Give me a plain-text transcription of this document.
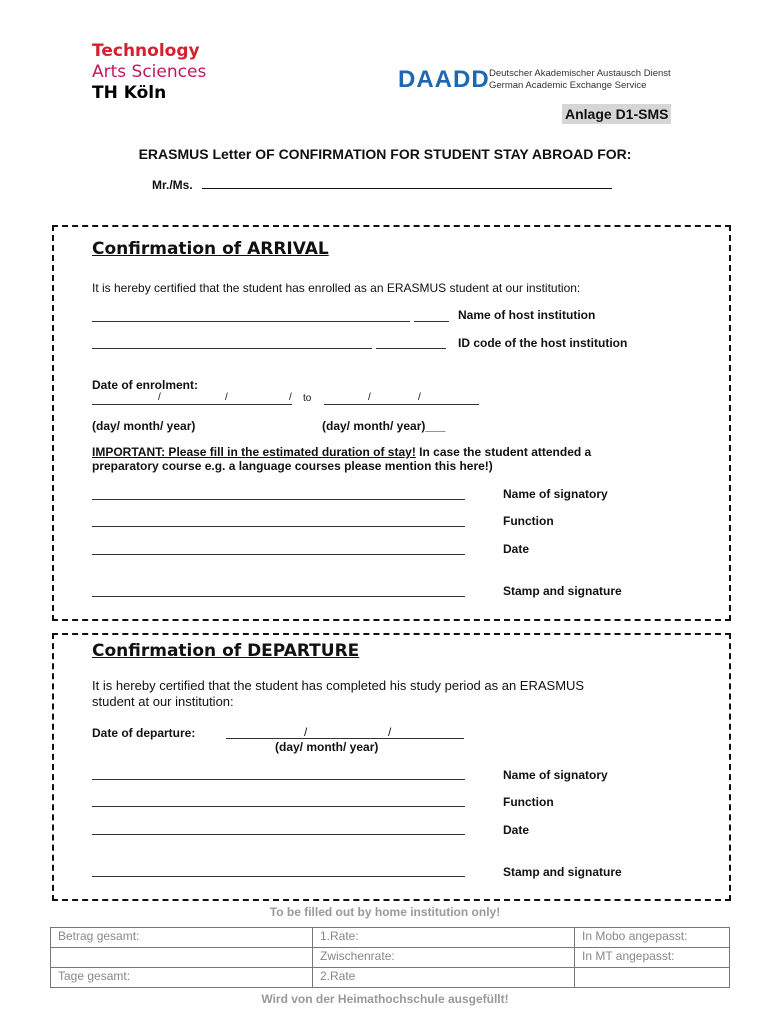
Technology
Arts Sciences
TH Köln	DAADD Deutscher Akademischer Austausch Dienst
German Academic Exchange Service
Anlage D1-SMS
ERASMUS Letter OF CONFIRMATION FOR STUDENT STAY ABROAD FOR:
Mr./Ms.
Confirmation of ARRIVAL
It is hereby certified that the student has enrolled as an ERASMUS student at our institution:
Name of host institution
ID code of the host institution
Date of enrolment:
/	/	/ to	/	/
(day/ month/ year)	(day/ month/ year)___
IMPORTANT: Please fill in the estimated duration of stay! In case the student attended a
preparatory course e.g. a language courses please mention this here!)
Name of signatory
Function
Date
Stamp and signature
Confirmation of DEPARTURE
It is hereby certified that the student has completed his study period as an ERASMUS
student at our institution:
Date of departure:	/	/
(day/ month/ year)
Name of signatory
Function
Date
Stamp and signature
To be filled out by home institution only!
Betrag gesamt:	1.Rate:	In Mobo angepasst:
	Zwischenrate:	In MT angepasst:
Tage gesamt:	2.Rate	
Wird von der Heimathochschule ausgefüllt!
